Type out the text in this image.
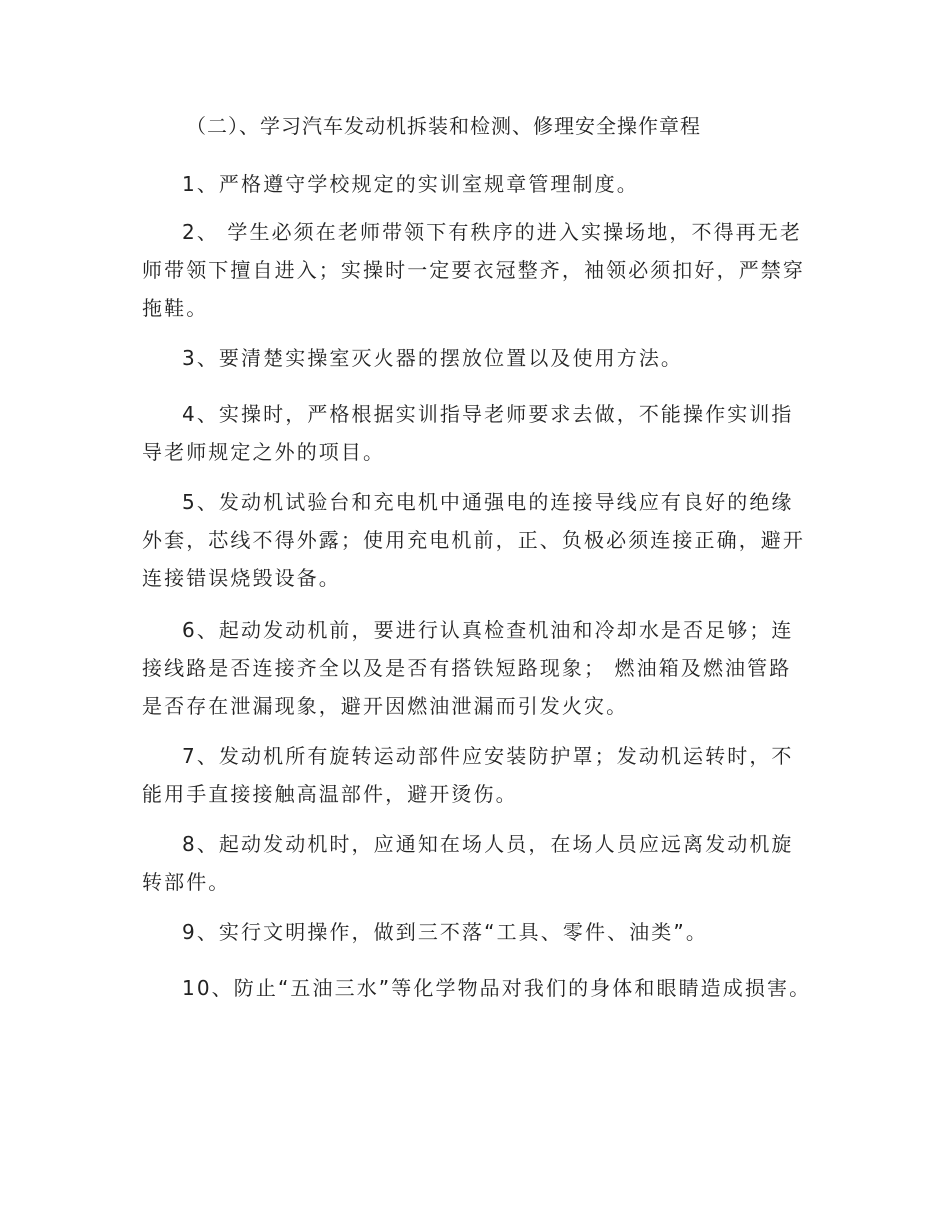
（二）、学习汽车发动机拆装和检测、修理安全操作章程

1、严格遵守学校规定的实训室规章管理制度。

2、 学生必须在老师带领下有秩序的进入实操场地，不得再无老师带领下擅自进入；实操时一定要衣冠整齐，袖领必须扣好，严禁穿拖鞋。

3、要清楚实操室灭火器的摆放位置以及使用方法。

4、实操时，严格根据实训指导老师要求去做，不能操作实训指导老师规定之外的项目。

5、发动机试验台和充电机中通强电的连接导线应有良好的绝缘外套，芯线不得外露；使用充电机前，正、负极必须连接正确，避开连接错误烧毁设备。

6、起动发动机前，要进行认真检查机油和冷却水是否足够；连接线路是否连接齐全以及是否有搭铁短路现象； 燃油箱及燃油管路是否存在泄漏现象，避开因燃油泄漏而引发火灾。

7、发动机所有旋转运动部件应安装防护罩；发动机运转时，不能用手直接接触高温部件，避开烫伤。

8、起动发动机时，应通知在场人员，在场人员应远离发动机旋转部件。

9、实行文明操作，做到三不落“工具、零件、油类”。

10、防止“五油三水”等化学物品对我们的身体和眼睛造成损害。
